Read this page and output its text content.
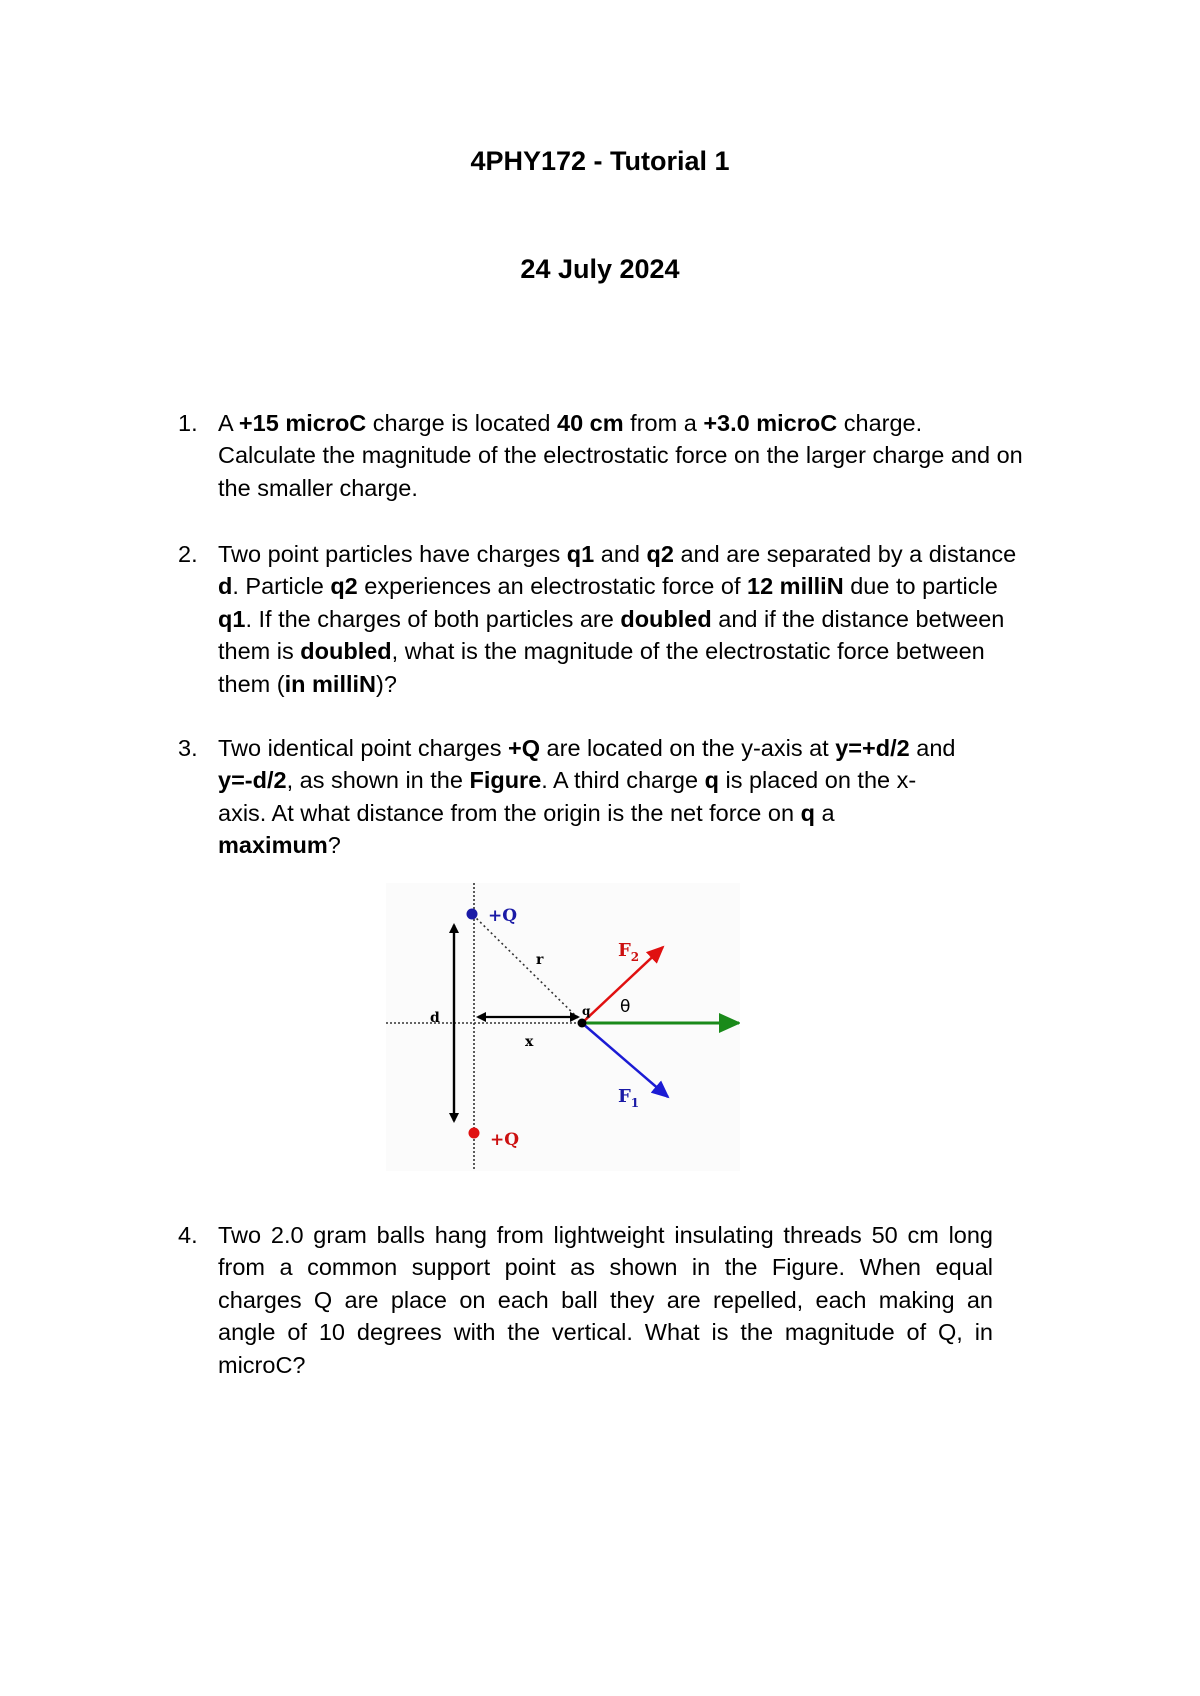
4PHY172 - Tutorial 1
24 July 2024
1. A +15 microC charge is located 40 cm from a +3.0 microC charge.
Calculate the magnitude of the electrostatic force on the larger charge and on
the smaller charge.
2. Two point particles have charges q1 and q2 and are separated by a distance
d. Particle q2 experiences an electrostatic force of 12 milliN due to particle
q1. If the charges of both particles are doubled and if the distance between
them is doubled, what is the magnitude of the electrostatic force between
them (in milliN)?
3. Two identical point charges +Q are located on the y-axis at y=+d/2 and
y=-d/2, as shown in the Figure. A third charge q is placed on the x-
axis. At what distance from the origin is the net force on q a
maximum?
+Q
+Q
r
d
x
q θ
$F_2$
$F_1$
4. Two 2.0 gram balls hang from lightweight insulating threads 50 cm long
from a common support point as shown in the Figure. When equal
charges Q are place on each ball they are repelled, each making an
angle of 10 degrees with the vertical. What is the magnitude of Q, in
microC?
